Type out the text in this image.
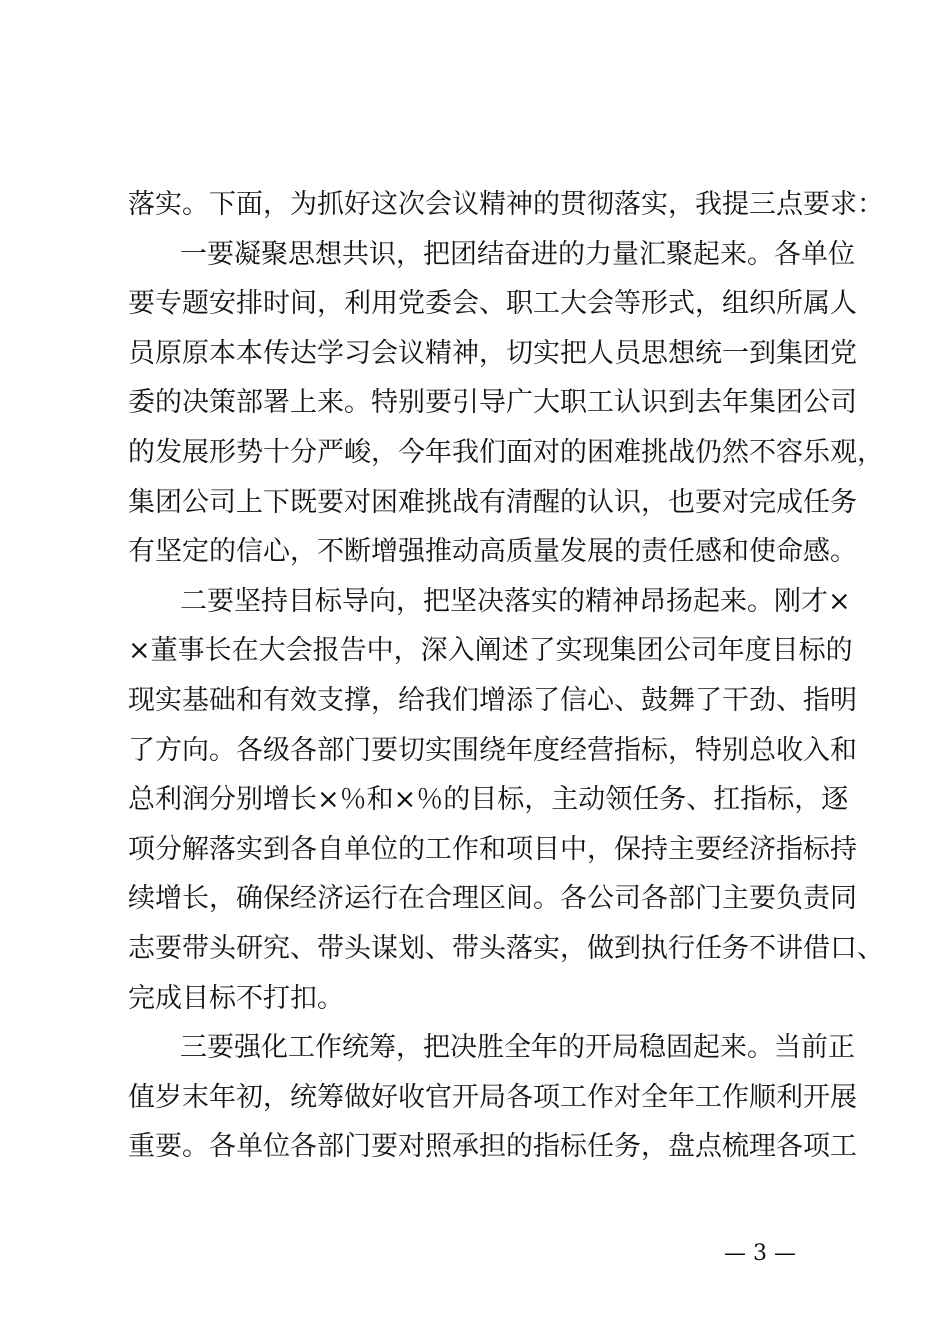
落实。下面，为抓好这次会议精神的贯彻落实，我提三点要求：
一要凝聚思想共识，把团结奋进的力量汇聚起来。各单位
要专题安排时间，利用党委会、职工大会等形式，组织所属人
员原原本本传达学习会议精神，切实把人员思想统一到集团党
委的决策部署上来。特别要引导广大职工认识到去年集团公司
的发展形势十分严峻，今年我们面对的困难挑战仍然不容乐观，
集团公司上下既要对困难挑战有清醒的认识，也要对完成任务
有坚定的信心，不断增强推动高质量发展的责任感和使命感。
二要坚持目标导向，把坚决落实的精神昂扬起来。刚才×
×董事长在大会报告中，深入阐述了实现集团公司年度目标的
现实基础和有效支撑，给我们增添了信心、鼓舞了干劲、指明
了方向。各级各部门要切实围绕年度经营指标，特别总收入和
总利润分别增长×％和×％的目标，主动领任务、扛指标，逐
项分解落实到各自单位的工作和项目中，保持主要经济指标持
续增长，确保经济运行在合理区间。各公司各部门主要负责同
志要带头研究、带头谋划、带头落实，做到执行任务不讲借口、
完成目标不打扣。
三要强化工作统筹，把决胜全年的开局稳固起来。当前正
值岁末年初，统筹做好收官开局各项工作对全年工作顺利开展
重要。各单位各部门要对照承担的指标任务，盘点梳理各项工
— 3 —
